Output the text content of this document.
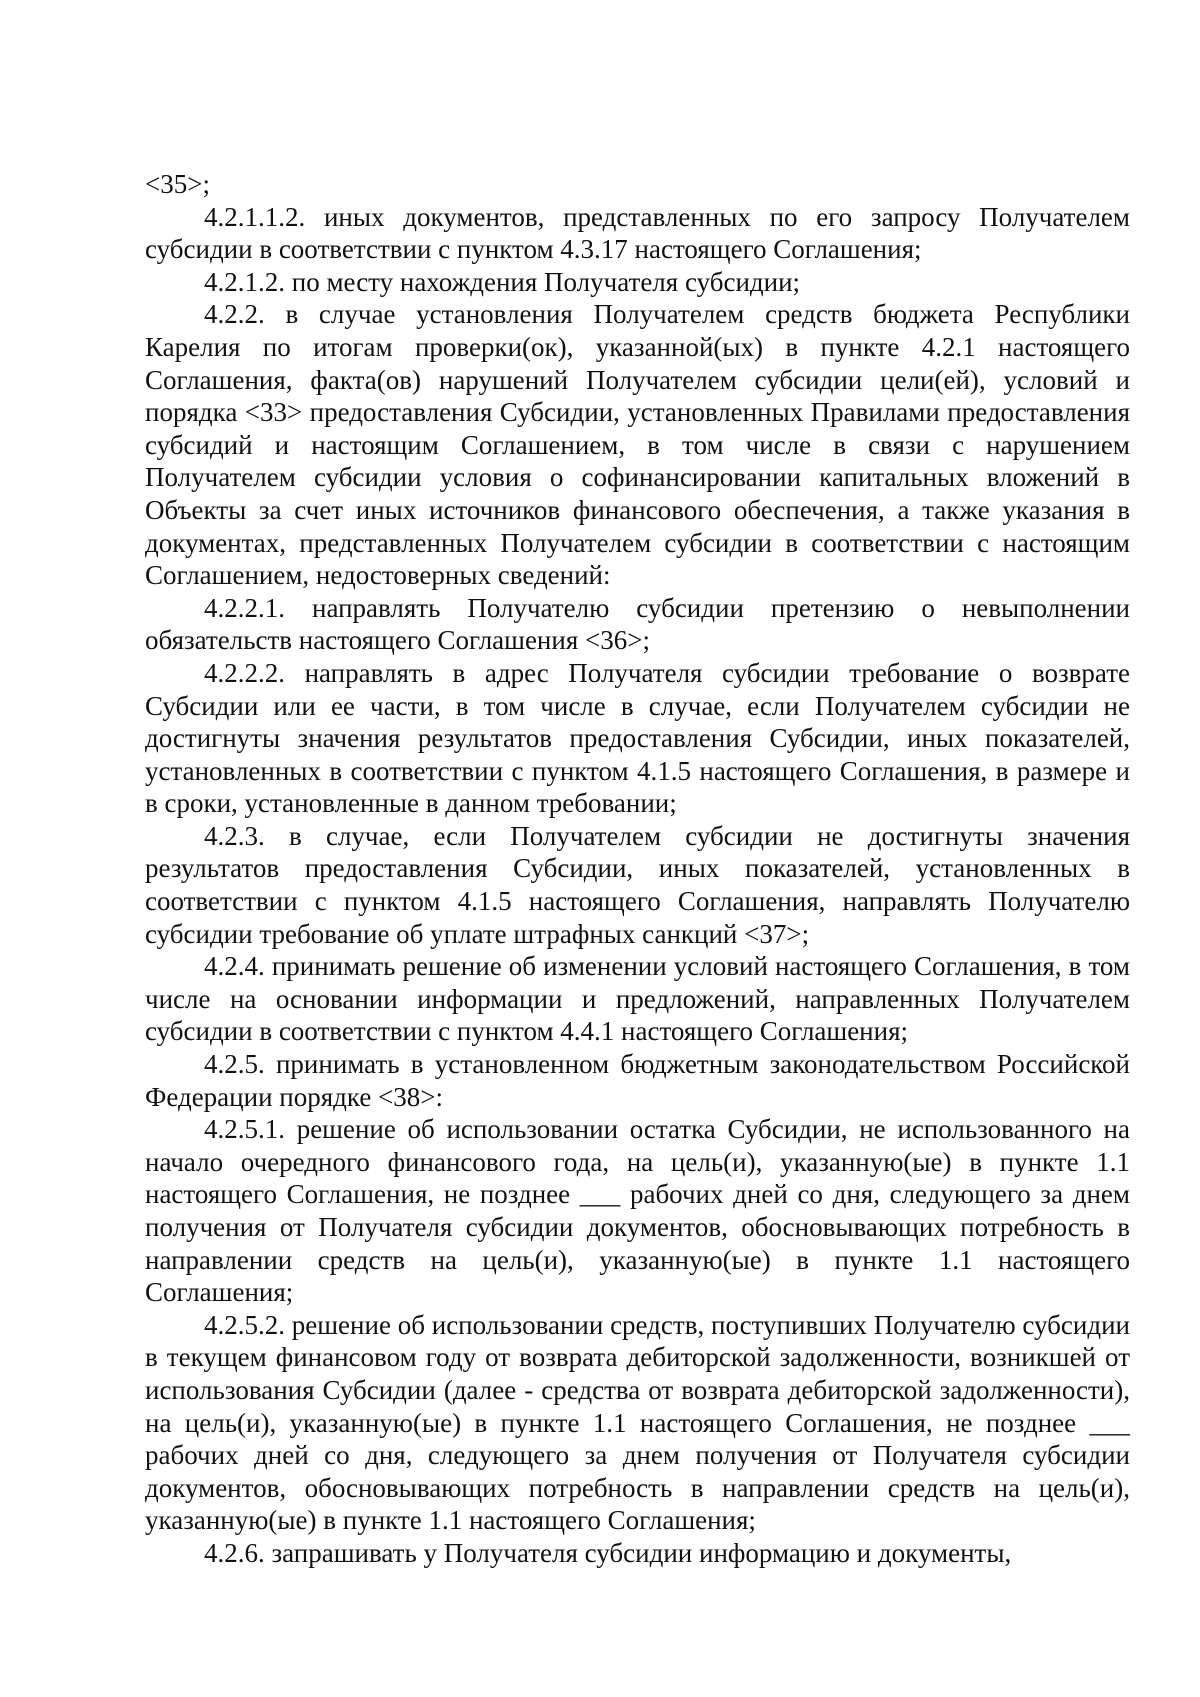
<35>;

4.2.1.1.2. иных документов, представленных по его запросу Получателем субсидии в соответствии с пунктом 4.3.17 настоящего Соглашения;

4.2.1.2. по месту нахождения Получателя субсидии;

4.2.2. в случае установления Получателем средств бюджета Республики Карелия по итогам проверки(ок), указанной(ых) в пункте 4.2.1 настоящего Соглашения, факта(ов) нарушений Получателем субсидии цели(ей), условий и порядка <33> предоставления Субсидии, установленных Правилами предоставления субсидий и настоящим Соглашением, в том числе в связи с нарушением Получателем субсидии условия о софинансировании капитальных вложений в Объекты за счет иных источников финансового обеспечения, а также указания в документах, представленных Получателем субсидии в соответствии с настоящим Соглашением, недостоверных сведений:

4.2.2.1. направлять Получателю субсидии претензию о невыполнении обязательств настоящего Соглашения <36>;

4.2.2.2. направлять в адрес Получателя субсидии требование о возврате Субсидии или ее части, в том числе в случае, если Получателем субсидии не достигнуты значения результатов предоставления Субсидии, иных показателей, установленных в соответствии с пунктом 4.1.5 настоящего Соглашения, в размере и в сроки, установленные в данном требовании;

4.2.3. в случае, если Получателем субсидии не достигнуты значения результатов предоставления Субсидии, иных показателей, установленных в соответствии с пунктом 4.1.5 настоящего Соглашения, направлять Получателю субсидии требование об уплате штрафных санкций <37>;

4.2.4. принимать решение об изменении условий настоящего Соглашения, в том числе на основании информации и предложений, направленных Получателем субсидии в соответствии с пунктом 4.4.1 настоящего Соглашения;

4.2.5. принимать в установленном бюджетным законодательством Российской Федерации порядке <38>:

4.2.5.1. решение об использовании остатка Субсидии, не использованного на начало очередного финансового года, на цель(и), указанную(ые) в пункте 1.1 настоящего Соглашения, не позднее ___ рабочих дней со дня, следующего за днем получения от Получателя субсидии документов, обосновывающих потребность в направлении средств на цель(и), указанную(ые) в пункте 1.1 настоящего Соглашения;

4.2.5.2. решение об использовании средств, поступивших Получателю субсидии в текущем финансовом году от возврата дебиторской задолженности, возникшей от использования Субсидии (далее - средства от возврата дебиторской задолженности), на цель(и), указанную(ые) в пункте 1.1 настоящего Соглашения, не позднее ___ рабочих дней со дня, следующего за днем получения от Получателя субсидии документов, обосновывающих потребность в направлении средств на цель(и), указанную(ые) в пункте 1.1 настоящего Соглашения;

4.2.6. запрашивать у Получателя субсидии информацию и документы,
